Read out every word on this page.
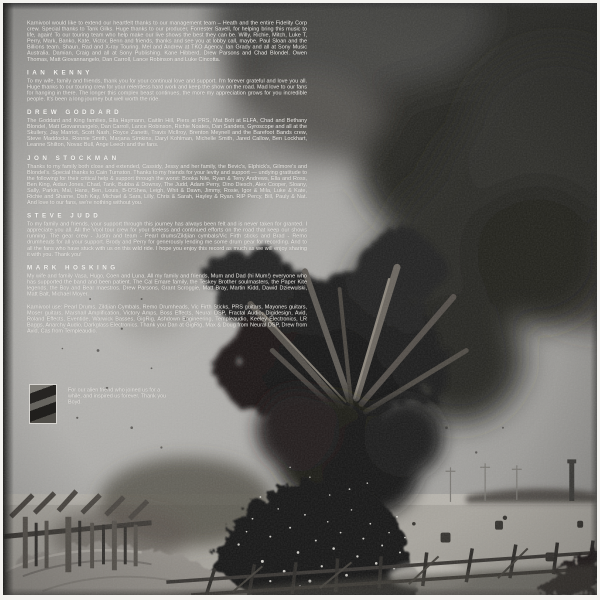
Karnivool would like to extend our heartfelt thanks to our management team – Heath and the entire Fidelity Corp crew. Special thanks to Tank Gilks. Huge thanks to our producer, Forrester Savell, for helping bring this music to life, again! To our touring team who help make our live shows the best they can be. Willy, Richie, Mitch, Luke T, Perry, Mark, Banko, Kate, Victor, Benn and friends, thanks and see you at lobby call, maybe. Paul Sloan and the Billions team. Shaun, Rad and X-ray Touring. Mel and Andrew at TKO Agency. Ian Grady and all at Sony Music Australia. Damian, Craig and all at Sony Publishing. Kane Hibberd, Drew Parsons and Chad Blondel. Owen Thomas, Matt Giovannangelo, Dan Carroll, Lance Robinson and Luke Cincotta.

IAN KENNY

To my wife, family and friends, thank you for your continual love and support. I'm forever grateful and love you all. Huge thanks to our touring crew for your relentless hard work and keep the show on the road. Mad love to our fans for hanging in there. The longer this complex beast continues, the more my appreciation grows for you incredible people. It's been a long journey but well worth the ride.

DREW GODDARD

The Goddard and King families, Ella Haymann, Caitlin Hill, Piers at PRS, Mat Bolt at ELFA, Chad and Bethany Blondel, Matt Giovannangelo, Dan Carroll, Lance Robinson, Richie Noates, Dan Sanders, Gyroscope and all at the Skullery, Jay Marriot, Scott Nash, Royce Zanetti, Travis McIlroy, Brenton Meynell and the Barefoot Bands crew, Steve Maddocks, Ronnie Smith, Marjana Simkins, Daryl Kohlman, Michelle Smith, Jared Callow, Ben Lockhart, Leanne Shilton, Novac Bull, Ange Leech and the fans.

JON STOCKMAN

Thanks to my family both close and extended, Cassidy, Jessy and her family, the Bevic's, Elphick's, Gilmore's and Blondel's. Special thanks to Cain Turnston. Thanks to my friends for your levity and support — undying gratitude to the following for their critical help & support through the worst: Booka Nile, Ryan & Terry Andrews, Ella and Ross, Ben King, Aidan Jones, Chad, Tank, Bubba & Downsy, The Judd, Adam Perry, Dino Diesch, Alex Cooper, Sloany, Sally, Parkin, Mal, Hans, Ben, Louis, B-O'Shea, Leigh, Whit & Dawn, Jimmy, Rosie, Igor & Mila, Luke & Kate, Richie and Sharne, Dish Kay, Michael & Sara, Lilly, Chris & Sarah, Hayley & Ryan. RIP Percy, Bill, Pauly & Nat. And love to our fans, we're nothing without you.

STEVE JUDD

To my family and friends, your support through this journey has always been felt and is never taken for granted. I appreciate you all. All the Vool tour crew for your tireless and continued efforts on the road that keep our shows running. The gear crew - Justin and team - Pearl drums/Zildjian cymbals/Vic Firth sticks and Brad - Remo drumheads for all your support. Brody and Perry for generously lending me some drum gear for recording. And to all the fans who have stuck with us on this wild ride. I hope you enjoy this record as much as we will enjoy sharing it with you. Thank you!

MARK HOSKING

My wife and family Vasa, Hugo, Coen and Luna. All my family and friends, Mum and Dad (hi Mum!) everyone who has supported the band and been patient. The Cal Emare family, the Teskey Brother soulmasters, the Paper Kite legends, the Boy and Bear maestros. Drew Parsons, Grant Scroggie, Matt Bray, Martin Kidd, Dawid Dziewulski, Matt Balt, Michael Moyer.

Karnivool use: Pearl Drums, Zildjian Cymbals, Remo Drumheads, Vic Firth Sticks, PRS guitars, Mayones guitars, Moser guitars, Marshall Amplification, Victory Amps, Boss Effects, Neural DSP, Fractal Audio, Digidesign, Avid, Roland Effects, Eventide, Warwick Basses, GigRig, Ashdown Engineering, Templeaudio, Keeley Electronics, LR Baggs, Anarchy Audio, Darkglass Electronics. Thank you Dan at GigRig, Max & Doug from Neural DSP, Drew from Avid, Cas from Templeaudio.

For our alien friend who joined us for a while, and inspired us forever. Thank you Boyd.
